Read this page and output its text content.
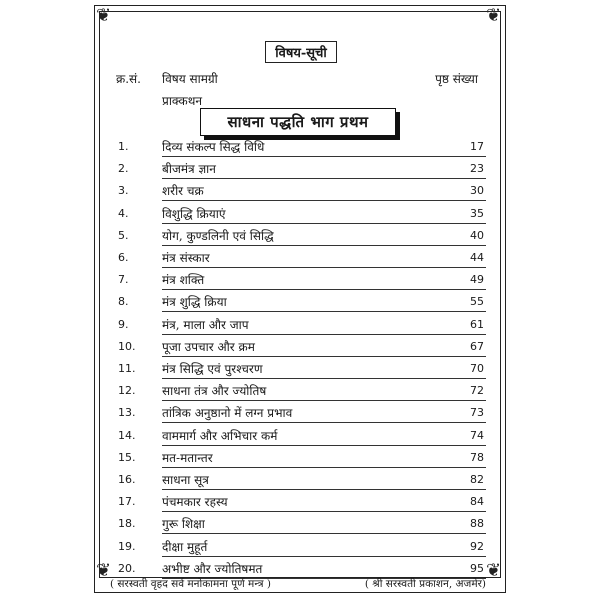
❦	❦
❦	❦
विषय-सूची
क्र.सं. विषय सामग्री	पृष्ठ संख्या
प्राक्कथन
साधना पद्धति भाग प्रथम
1.	दिव्य संकल्प सिद्ध विधि	17
2.	बीजमंत्र ज्ञान	23
3.	शरीर चक्र	30
4.	विशुद्धि क्रियाएं	35
5.	योग, कुण्डलिनी एवं सिद्धि	40
6.	मंत्र संस्कार	44
7.	मंत्र शक्ति	49
8.	मंत्र शुद्धि क्रिया	55
9.	मंत्र, माला और जाप	61
10. पूजा उपचार और क्रम	67
11. मंत्र सिद्धि एवं पुरश्चरण	70
12. साधना तंत्र और ज्योतिष	72
13. तांत्रिक अनुष्ठानो में लग्न प्रभाव	73
14. वाममार्ग और अभिचार कर्म	74
15. मत-मतान्तर	78
16. साधना सूत्र	82
17. पंचमकार रहस्य	84
18. गुरू शिक्षा	88
19. दीक्षा मुहूर्त	92
20. अभीष्ट और ज्योतिषमत	95
( सरस्वती वृहद सर्व मनोकामना पूर्ण मन्त्र )	( श्री सरस्वती प्रकाशन, अजमेर)
